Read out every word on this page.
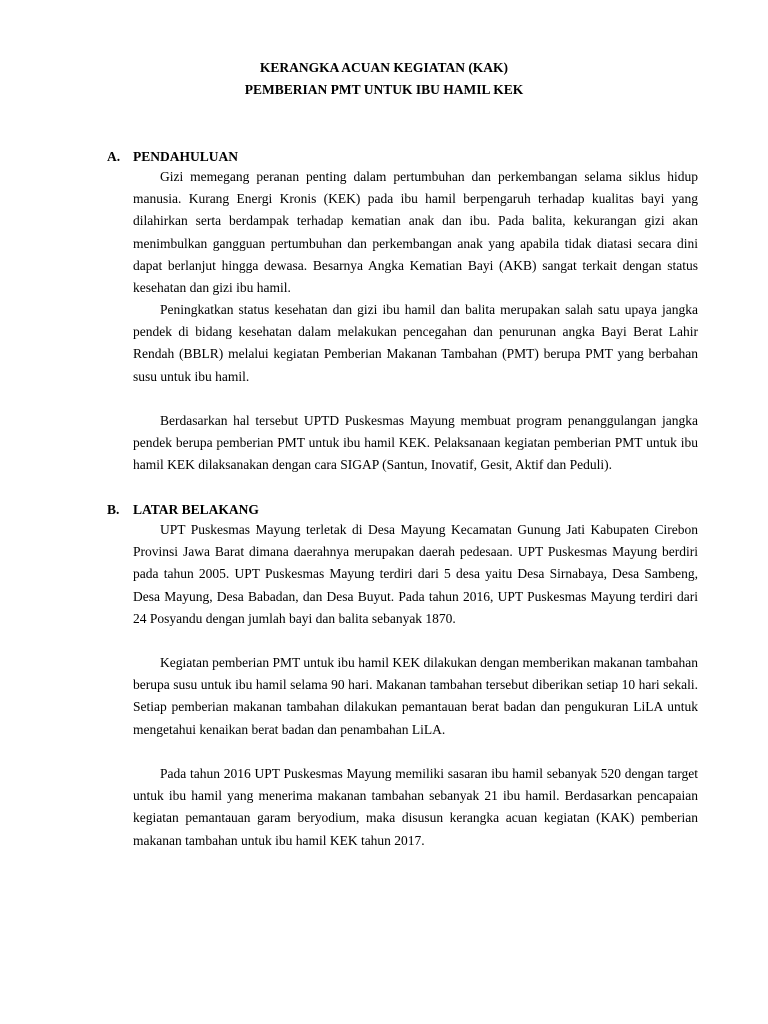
KERANGKA ACUAN KEGIATAN (KAK)

PEMBERIAN PMT UNTUK IBU HAMIL KEK

A. PENDAHULUAN

Gizi memegang peranan penting dalam pertumbuhan dan perkembangan selama siklus hidup manusia. Kurang Energi Kronis (KEK) pada ibu hamil berpengaruh terhadap kualitas bayi yang dilahirkan serta berdampak terhadap kematian anak dan ibu. Pada balita, kekurangan gizi akan menimbulkan gangguan pertumbuhan dan perkembangan anak yang apabila tidak diatasi secara dini dapat berlanjut hingga dewasa. Besarnya Angka Kematian Bayi (AKB) sangat terkait dengan status kesehatan dan gizi ibu hamil.

Peningkatkan status kesehatan dan gizi ibu hamil dan balita merupakan salah satu upaya jangka pendek di bidang kesehatan dalam melakukan pencegahan dan penurunan angka Bayi Berat Lahir Rendah (BBLR) melalui kegiatan Pemberian Makanan Tambahan (PMT) berupa PMT yang berbahan susu untuk ibu hamil.

Berdasarkan hal tersebut UPTD Puskesmas Mayung membuat program penanggulangan jangka pendek berupa pemberian PMT untuk ibu hamil KEK. Pelaksanaan kegiatan pemberian PMT untuk ibu hamil KEK dilaksanakan dengan cara SIGAP (Santun, Inovatif, Gesit, Aktif dan Peduli).

B.	LATAR BELAKANG

UPT Puskesmas Mayung terletak di Desa Mayung Kecamatan Gunung Jati Kabupaten Cirebon Provinsi Jawa Barat dimana daerahnya merupakan daerah pedesaan. UPT Puskesmas Mayung berdiri pada tahun 2005. UPT Puskesmas Mayung terdiri dari 5 desa yaitu Desa Sirnabaya, Desa Sambeng, Desa Mayung, Desa Babadan, dan Desa Buyut. Pada tahun 2016, UPT Puskesmas Mayung terdiri dari 24 Posyandu dengan jumlah bayi dan balita sebanyak 1870.

Kegiatan pemberian PMT untuk ibu hamil KEK dilakukan dengan memberikan makanan tambahan berupa susu untuk ibu hamil selama 90 hari. Makanan tambahan tersebut diberikan setiap 10 hari sekali. Setiap pemberian makanan tambahan dilakukan pemantauan berat badan dan pengukuran LiLA untuk mengetahui kenaikan berat badan dan penambahan LiLA.

Pada tahun 2016 UPT Puskesmas Mayung memiliki sasaran ibu hamil sebanyak 520 dengan target untuk ibu hamil yang menerima makanan tambahan sebanyak 21 ibu hamil. Berdasarkan pencapaian kegiatan pemantauan garam beryodium, maka disusun kerangka acuan kegiatan (KAK) pemberian makanan tambahan untuk ibu hamil KEK tahun 2017.
